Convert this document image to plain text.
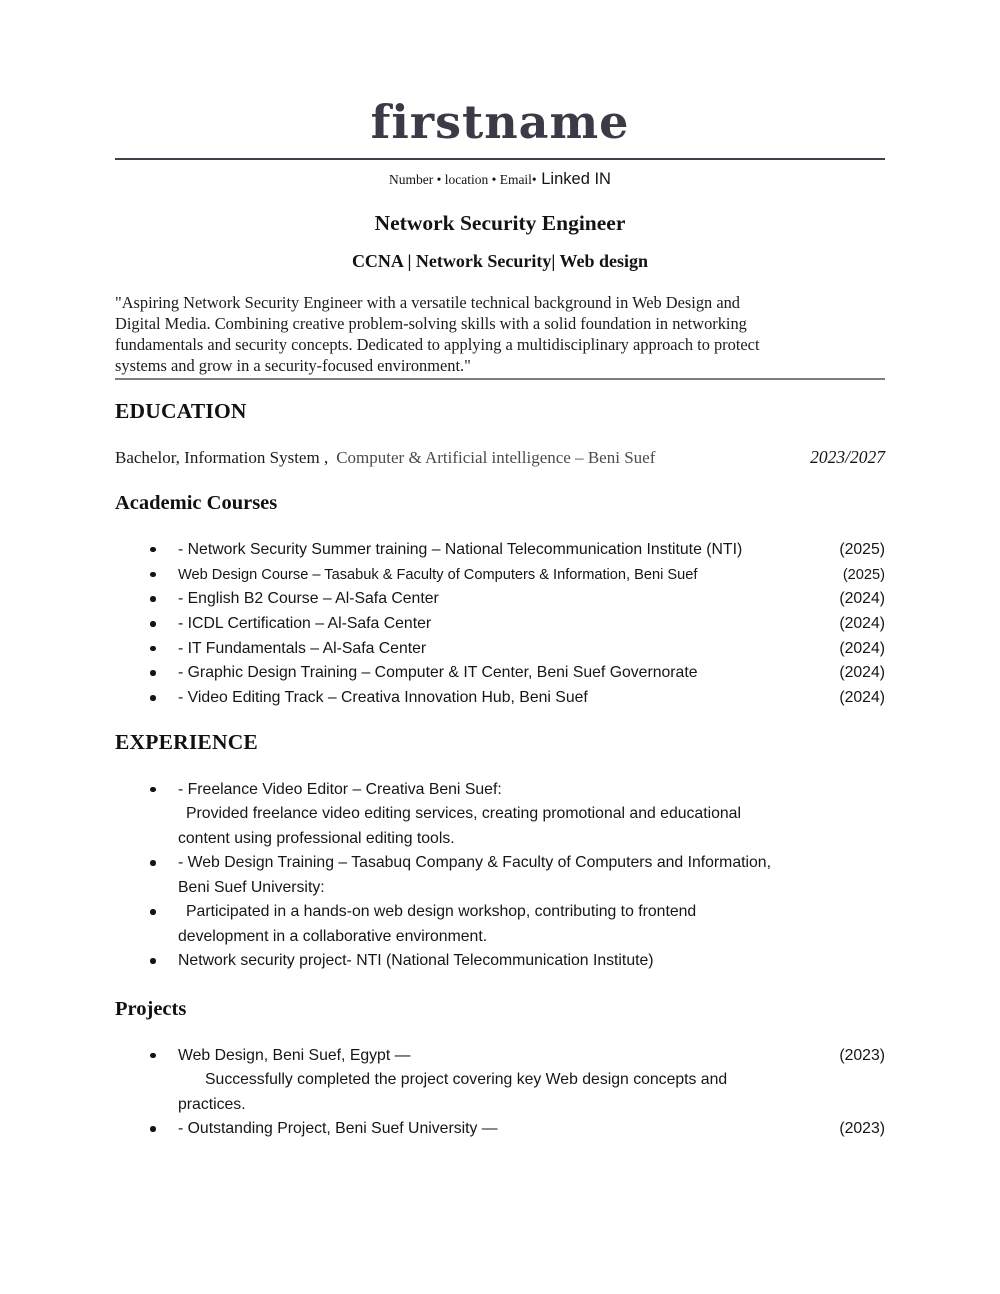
firstname
Number • location • Email• Linked IN
Network Security Engineer
CCNA | Network Security| Web design
"Aspiring Network Security Engineer with a versatile technical background in Web Design and
Digital Media. Combining creative problem-solving skills with a solid foundation in networking
fundamentals and security concepts. Dedicated to applying a multidisciplinary approach to protect
systems and grow in a security-focused environment."
EDUCATION
Bachelor, Information System , Computer & Artificial intelligence – Beni Suef	2023/2027
Academic Courses
- Network Security Summer training – National Telecommunication Institute (NTI)	(2025)
Web Design Course – Tasabuk & Faculty of Computers & Information, Beni Suef	(2025)
- English B2 Course – Al-Safa Center	(2024)
- ICDL Certification – Al-Safa Center	(2024)
- IT Fundamentals – Al-Safa Center	(2024)
- Graphic Design Training – Computer & IT Center, Beni Suef Governorate	(2024)
- Video Editing Track – Creativa Innovation Hub, Beni Suef	(2024)
EXPERIENCE
- Freelance Video Editor – Creativa Beni Suef:
Provided freelance video editing services, creating promotional and educational
content using professional editing tools.
- Web Design Training – Tasabuq Company & Faculty of Computers and Information,
Beni Suef University:
Participated in a hands-on web design workshop, contributing to frontend
development in a collaborative environment.
Network security project- NTI (National Telecommunication Institute)
Projects
Web Design, Beni Suef, Egypt —	(2023)
Successfully completed the project covering key Web design concepts and
practices.
- Outstanding Project, Beni Suef University —	(2023)
